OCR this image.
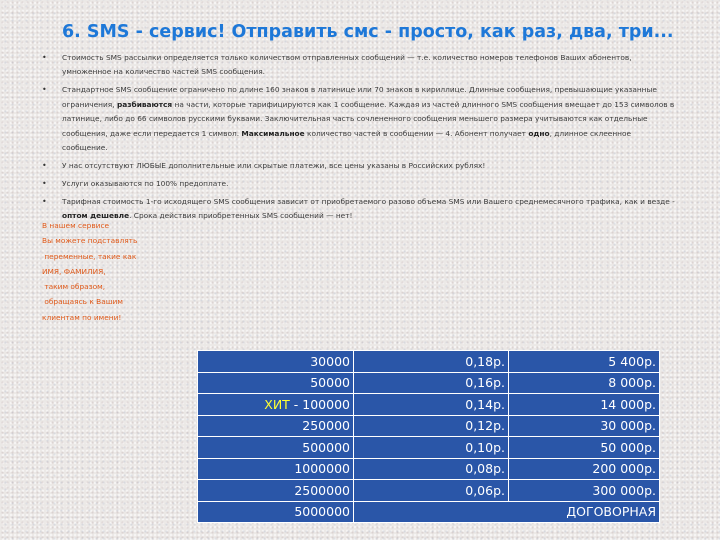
6. SMS - сервис! Отправить смс - просто, как раз, два, три...
• Стоимость SMS рассылки определяется только количеством отправленных сообщений — т.е. количество номеров телефонов Ваших абонентов, умноженное на количество частей SMS сообщения.
• Стандартное SMS сообщение ограничено по длине 160 знаков в латинице или 70 знаков в кириллице. Длинные сообщения, превышающие указанные ограничения, разбиваются на части, которые тарифицируются как 1 сообщение. Каждая из частей длинного SMS сообщения вмещает до 153 символов в латинице, либо до 66 символов русскими буквами. Заключительная часть сочлененного сообщения меньшего размера учитываются как отдельные сообщения, даже если передается 1 символ. Максимальное количество частей в сообщении — 4. Абонент получает одно, длинное склеенное сообщение.
• У нас отсутствуют ЛЮБЫЕ дополнительные или скрытые платежи, все цены указаны в Российских рублях!
• Услуги оказываются по 100% предоплате.
• Тарифная стоимость 1-го исходящего SMS сообщения зависит от приобретаемого разово объема SMS или Вашего среднемесячного трафика, как и везде - оптом дешевле. Срока действия приобретенных SMS сообщений — нет!
В нашем сервисе
Вы можете подставлять
переменные, такие как
ИМЯ, ФАМИЛИЯ,
таким образом,
обращаясь к Вашим
клиентам по имени!
30000	0,18р.	5 400р.
50000	0,16р.	8 000р.
ХИТ - 100000	0,14р.	14 000р.
250000	0,12р.	30 000р.
500000	0,10р.	50 000р.
1000000	0,08р.	200 000р.
2500000	0,06р.	300 000р.
5000000	ДОГОВОРНАЯ	
